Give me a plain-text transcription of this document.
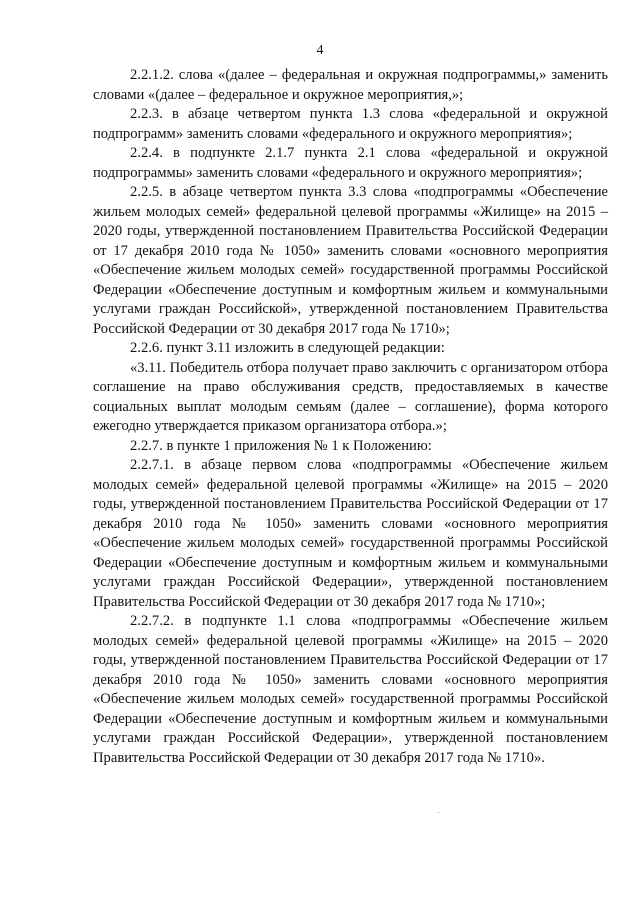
4

2.2.1.2. слова «(далее – федеральная и окружная подпрограммы,» заменить словами «(далее – федеральное и окружное мероприятия,»;

2.2.3. в абзаце четвертом пункта 1.3 слова «федеральной и окружной подпрограмм» заменить словами «федерального и окружного мероприятия»;

2.2.4. в подпункте 2.1.7 пункта 2.1 слова «федеральной и окружной подпрограммы» заменить словами «федерального и окружного мероприятия»;

2.2.5. в абзаце четвертом пункта 3.3 слова «подпрограммы «Обеспечение жильем молодых семей» федеральной целевой программы «Жилище» на 2015 – 2020 годы, утвержденной постановлением Правительства Российской Федерации от 17 декабря 2010 года № 1050» заменить словами «основного мероприятия «Обеспечение жильем молодых семей» государственной программы Российской Федерации «Обеспечение доступным и комфортным жильем и коммунальными услугами граждан Российской», утвержденной постановлением Правительства Российской Федерации от 30 декабря 2017 года № 1710»;

2.2.6. пункт 3.11 изложить в следующей редакции:

«3.11. Победитель отбора получает право заключить с организатором отбора соглашение на право обслуживания средств, предоставляемых в качестве социальных выплат молодым семьям (далее – соглашение), форма которого ежегодно утверждается приказом организатора отбора.»;

2.2.7. в пункте 1 приложения № 1 к Положению:

2.2.7.1. в абзаце первом слова «подпрограммы «Обеспечение жильем молодых семей» федеральной целевой программы «Жилище» на 2015 – 2020 годы, утвержденной постановлением Правительства Российской Федерации от 17 декабря 2010 года № 1050» заменить словами «основного мероприятия «Обеспечение жильем молодых семей» государственной программы Российской Федерации «Обеспечение доступным и комфортным жильем и коммунальными услугами граждан Российской Федерации», утвержденной постановлением Правительства Российской Федерации от 30 декабря 2017 года № 1710»;

2.2.7.2. в подпункте 1.1 слова «подпрограммы «Обеспечение жильем молодых семей» федеральной целевой программы «Жилище» на 2015 – 2020 годы, утвержденной постановлением Правительства Российской Федерации от 17 декабря 2010 года № 1050» заменить словами «основного мероприятия «Обеспечение жильем молодых семей» государственной программы Российской Федерации «Обеспечение доступным и комфортным жильем и коммунальными услугами граждан Российской Федерации», утвержденной постановлением Правительства Российской Федерации от 30 декабря 2017 года № 1710».
